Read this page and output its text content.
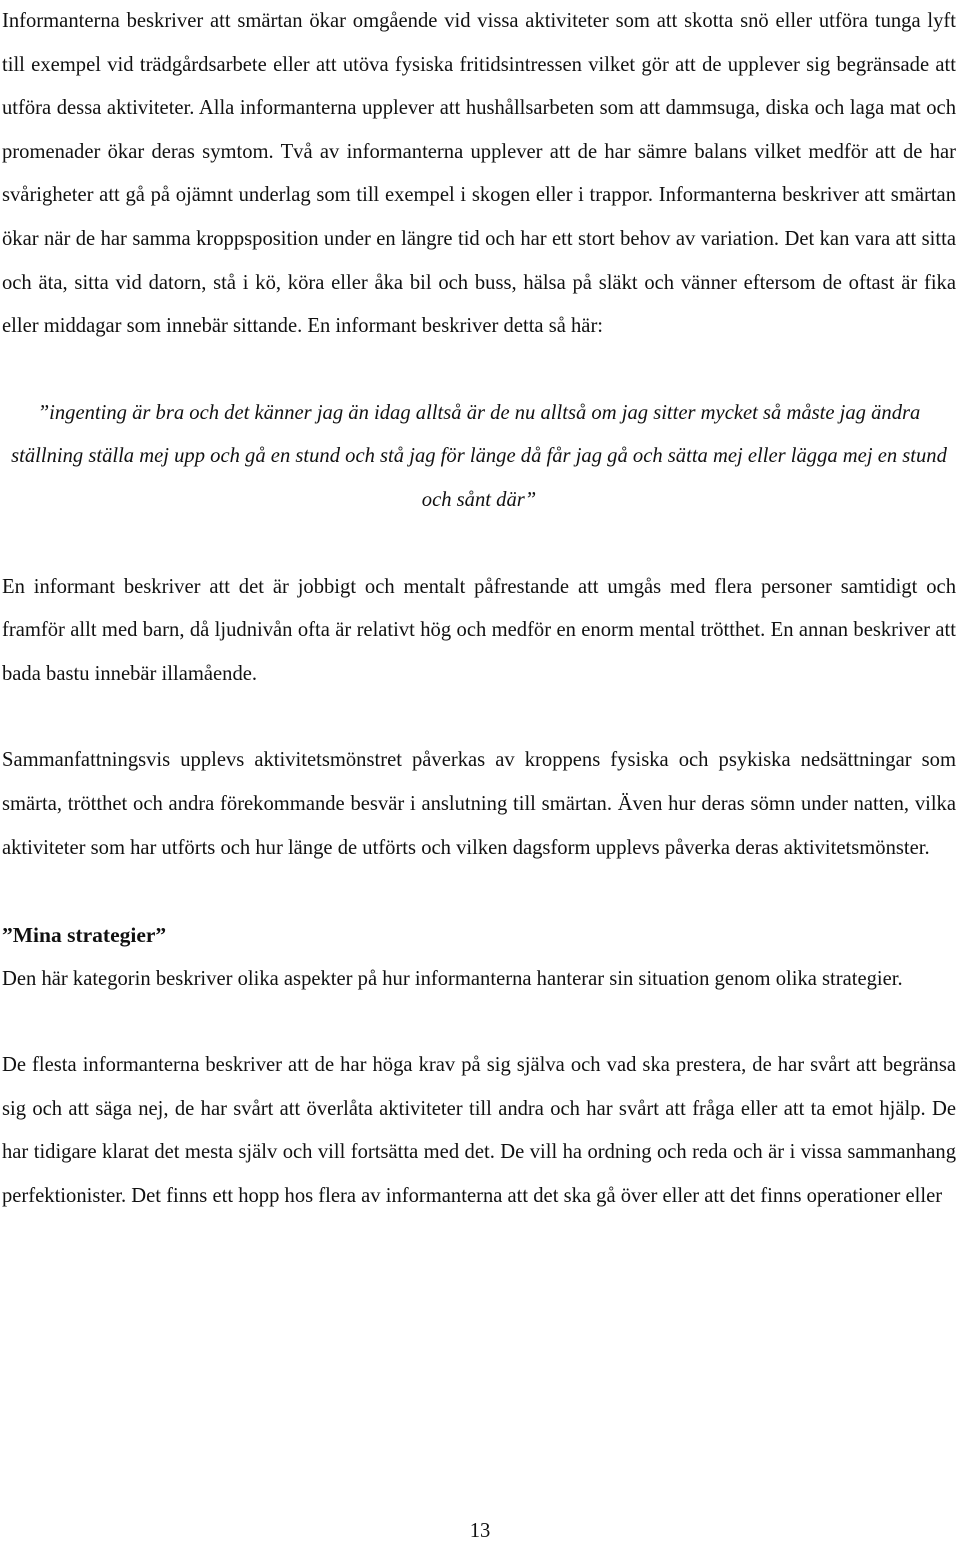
Informanterna beskriver att smärtan ökar omgående vid vissa aktiviteter som att skotta snö eller utföra tunga lyft till exempel vid trädgårdsarbete eller att utöva fysiska fritidsintressen vilket gör att de upplever sig begränsade att utföra dessa aktiviteter. Alla informanterna upplever att hushållsarbeten som att dammsuga, diska och laga mat och promenader ökar deras symtom. Två av informanterna upplever att de har sämre balans vilket medför att de har svårigheter att gå på ojämnt underlag som till exempel i skogen eller i trappor. Informanterna beskriver att smärtan ökar när de har samma kroppsposition under en längre tid och har ett stort behov av variation. Det kan vara att sitta och äta, sitta vid datorn, stå i kö, köra eller åka bil och buss, hälsa på släkt och vänner eftersom de oftast är fika eller middagar som innebär sittande. En informant beskriver detta så här:

”ingenting är bra och det känner jag än idag alltså är de nu alltså om jag sitter mycket så måste jag ändra ställning ställa mej upp och gå en stund och stå jag för länge då får jag gå och sätta mej eller lägga mej en stund och sånt där”

En informant beskriver att det är jobbigt och mentalt påfrestande att umgås med flera personer samtidigt och framför allt med barn, då ljudnivån ofta är relativt hög och medför en enorm mental trötthet. En annan beskriver att bada bastu innebär illamående.

Sammanfattningsvis upplevs aktivitetsmönstret påverkas av kroppens fysiska och psykiska nedsättningar som smärta, trötthet och andra förekommande besvär i anslutning till smärtan. Även hur deras sömn under natten, vilka aktiviteter som har utförts och hur länge de utförts och vilken dagsform upplevs påverka deras aktivitetsmönster.

”Mina strategier”

Den här kategorin beskriver olika aspekter på hur informanterna hanterar sin situation genom olika strategier.

De flesta informanterna beskriver att de har höga krav på sig själva och vad ska prestera, de har svårt att begränsa sig och att säga nej, de har svårt att överlåta aktiviteter till andra och har svårt att fråga eller att ta emot hjälp. De har tidigare klarat det mesta själv och vill fortsätta med det. De vill ha ordning och reda och är i vissa sammanhang perfektionister. Det finns ett hopp hos flera av informanterna att det ska gå över eller att det finns operationer eller

13
